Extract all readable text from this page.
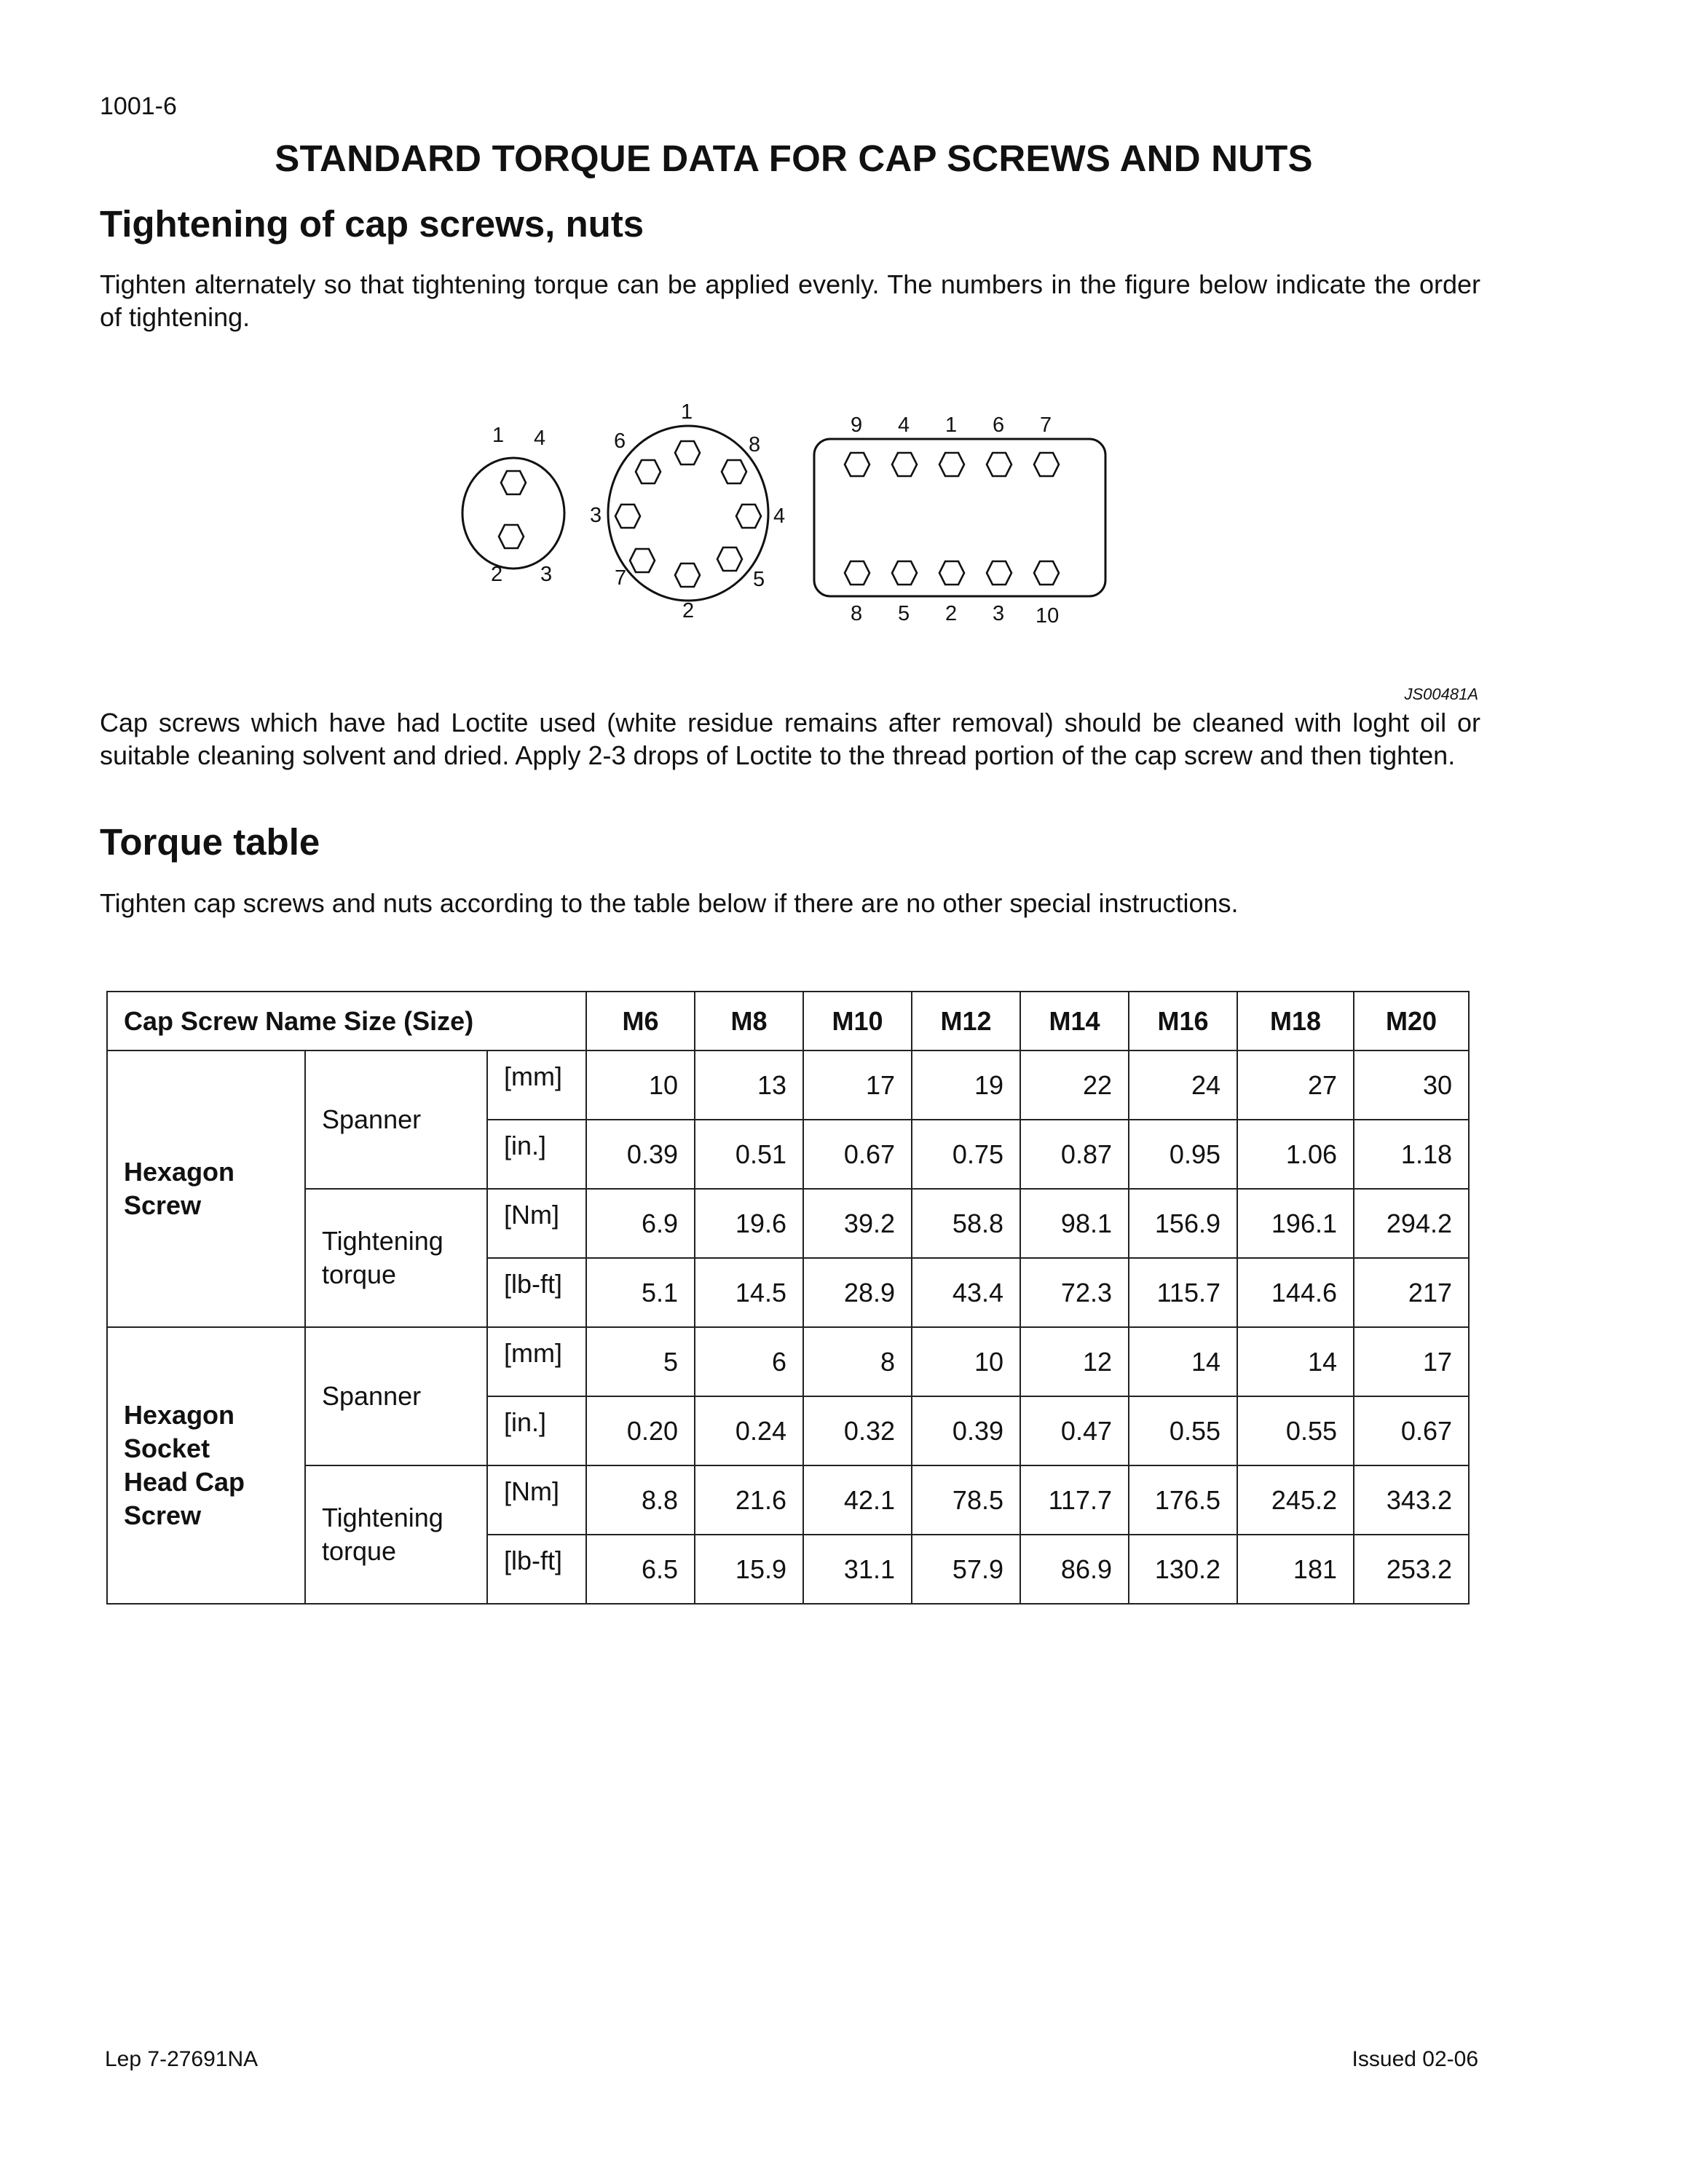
1001-6
STANDARD TORQUE DATA FOR CAP SCREWS AND NUTS
Tightening of cap screws, nuts
Tighten alternately so that tightening torque can be applied evenly. The numbers in the figure below indicate the order of tightening.
1 4
2 3
1
8
4
5
2
7
3
6
9 4 1 6 7
8 5 2 3 10
JS00481A
Cap screws which have had Loctite used (white residue remains after removal) should be cleaned with loght oil or suitable cleaning solvent and dried. Apply 2-3 drops of Loctite to the thread portion of the cap screw and then tighten.
Torque table
Tighten cap screws and nuts according to the table below if there are no other special instructions.
Cap Screw Name Size (Size)			M6	M8	M10	M12	M14	M16	M18	M20

Hexagon
Screw	Spanner	[mm]	10	13	17	19	22	24	27	30
		[in.]	0.39	0.51	0.67	0.75	0.87	0.95	1.06	1.18

	Tightening
torque	[Nm]	6.9	19.6	39.2	58.8	98.1	156.9	196.1	294.2
		[lb-ft]	5.1	14.5	28.9	43.4	72.3	115.7	144.6	217

Hexagon
Socket
Head Cap
Screw	Spanner	[mm]	5	6	8	10	12	14	14	17
		[in.]	0.20	0.24	0.32	0.39	0.47	0.55	0.55	0.67

	Tightening
torque	[Nm]	8.8	21.6	42.1	78.5	117.7	176.5	245.2	343.2
		[lb-ft]	6.5	15.9	31.1	57.9	86.9	130.2	181	253.2
Lep 7-27691NA	Issued 02-06
